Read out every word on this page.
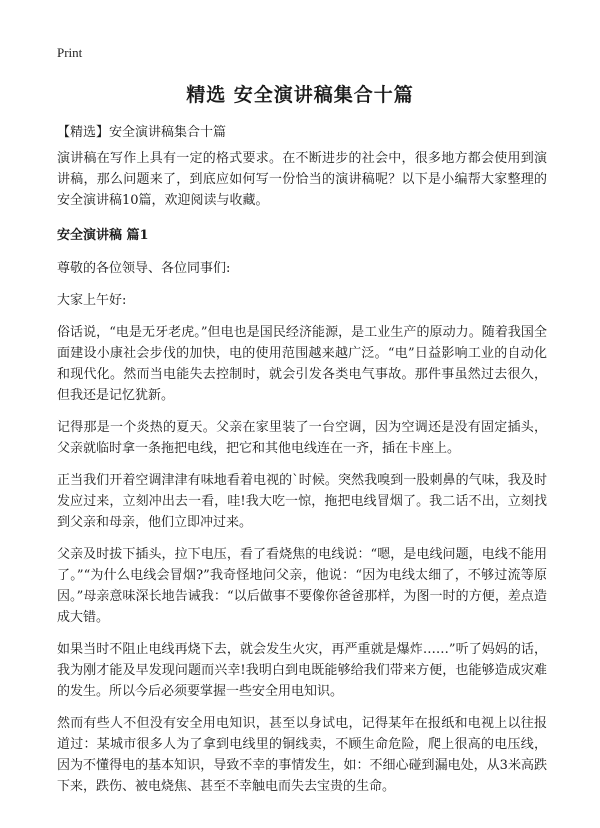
Print
精选 安全演讲稿集合十篇
【精选】安全演讲稿集合十篇

演讲稿在写作上具有一定的格式要求。在不断进步的社会中，很多地方都会使用到演讲稿，那么问题来了，到底应如何写一份恰当的演讲稿呢？以下是小编帮大家整理的安全演讲稿10篇，欢迎阅读与收藏。

安全演讲稿 篇1

尊敬的各位领导、各位同事们:

大家上午好:

俗话说，“电是无牙老虎。”但电也是国民经济能源，是工业生产的原动力。随着我国全面建设小康社会步伐的加快，电的使用范围越来越广泛。“电”日益影响工业的自动化和现代化。然而当电能失去控制时，就会引发各类电气事故。那件事虽然过去很久，但我还是记忆犹新。

记得那是一个炎热的夏天。父亲在家里装了一台空调，因为空调还是没有固定插头，父亲就临时拿一条拖把电线，把它和其他电线连在一齐，插在卡座上。

正当我们开着空调津津有味地看着电视的`时候。突然我嗅到一股刺鼻的气味，我及时发应过来，立刻冲出去一看，哇!我大吃一惊，拖把电线冒烟了。我二话不出，立刻找到父亲和母亲，他们立即冲过来。

父亲及时拔下插头，拉下电压，看了看烧焦的电线说：“嗯，是电线问题，电线不能用了。”“为什么电线会冒烟?”我奇怪地问父亲，他说：“因为电线太细了，不够过流等原因。”母亲意味深长地告诫我：“以后做事不要像你爸爸那样，为图一时的方便，差点造成大错。

如果当时不阻止电线再烧下去，就会发生火灾，再严重就是爆炸……”听了妈妈的话，我为刚才能及早发现问题而兴幸!我明白到电既能够给我们带来方便，也能够造成灾难的发生。所以今后必须要掌握一些安全用电知识。

然而有些人不但没有安全用电知识，甚至以身试电，记得某年在报纸和电视上以往报道过：某城市很多人为了拿到电线里的铜线卖，不顾生命危险，爬上很高的电压线，因为不懂得电的基本知识，导致不幸的事情发生，如：不细心碰到漏电处，从3米高跌下来，跌伤、被电烧焦、甚至不幸触电而失去宝贵的生命。
